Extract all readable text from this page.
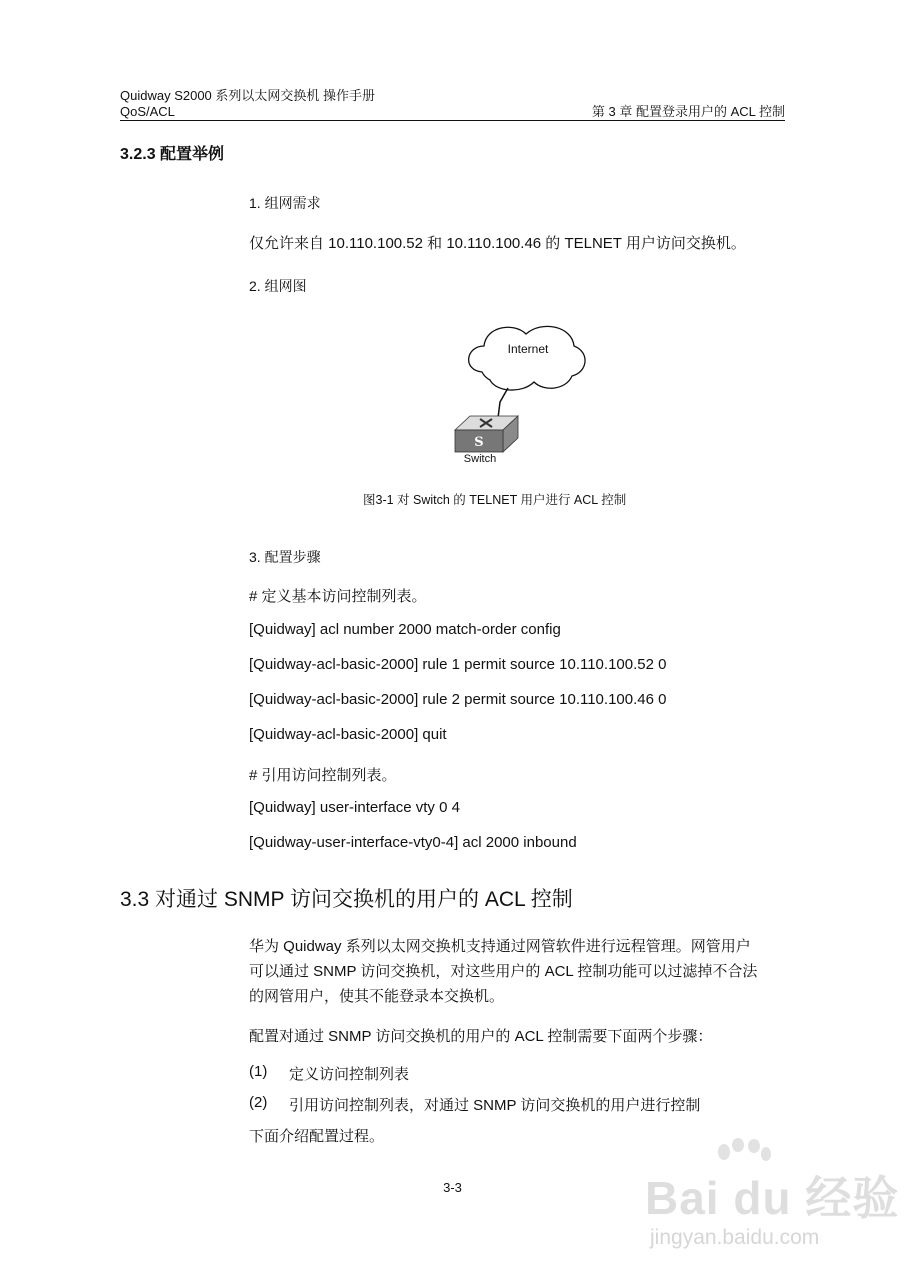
Quidway S2000 系列以太网交换机 操作手册
QoS/ACL	第 3 章 配置登录用户的 ACL 控制
3.2.3 配置举例
1. 组网需求
仅允许来自 10.110.100.52 和 10.110.100.46 的 TELNET 用户访问交换机。
2. 组网图
Internet
S
Switch
图3-1 对 Switch 的 TELNET 用户进行 ACL 控制
3. 配置步骤
# 定义基本访问控制列表。
[Quidway] acl number 2000 match-order config
[Quidway-acl-basic-2000] rule 1 permit source 10.110.100.52 0
[Quidway-acl-basic-2000] rule 2 permit source 10.110.100.46 0
[Quidway-acl-basic-2000] quit
# 引用访问控制列表。
[Quidway] user-interface vty 0 4
[Quidway-user-interface-vty0-4] acl 2000 inbound
3.3 对通过 SNMP 访问交换机的用户的 ACL 控制
华为 Quidway 系列以太网交换机支持通过网管软件进行远程管理。网管用户
可以通过 SNMP 访问交换机，对这些用户的 ACL 控制功能可以过滤掉不合法
的网管用户，使其不能登录本交换机。
配置对通过 SNMP 访问交换机的用户的 ACL 控制需要下面两个步骤：
(1) 定义访问控制列表
(2) 引用访问控制列表，对通过 SNMP 访问交换机的用户进行控制
下面介绍配置过程。
3-3	Bai du 经验
jingyan.baidu.com
